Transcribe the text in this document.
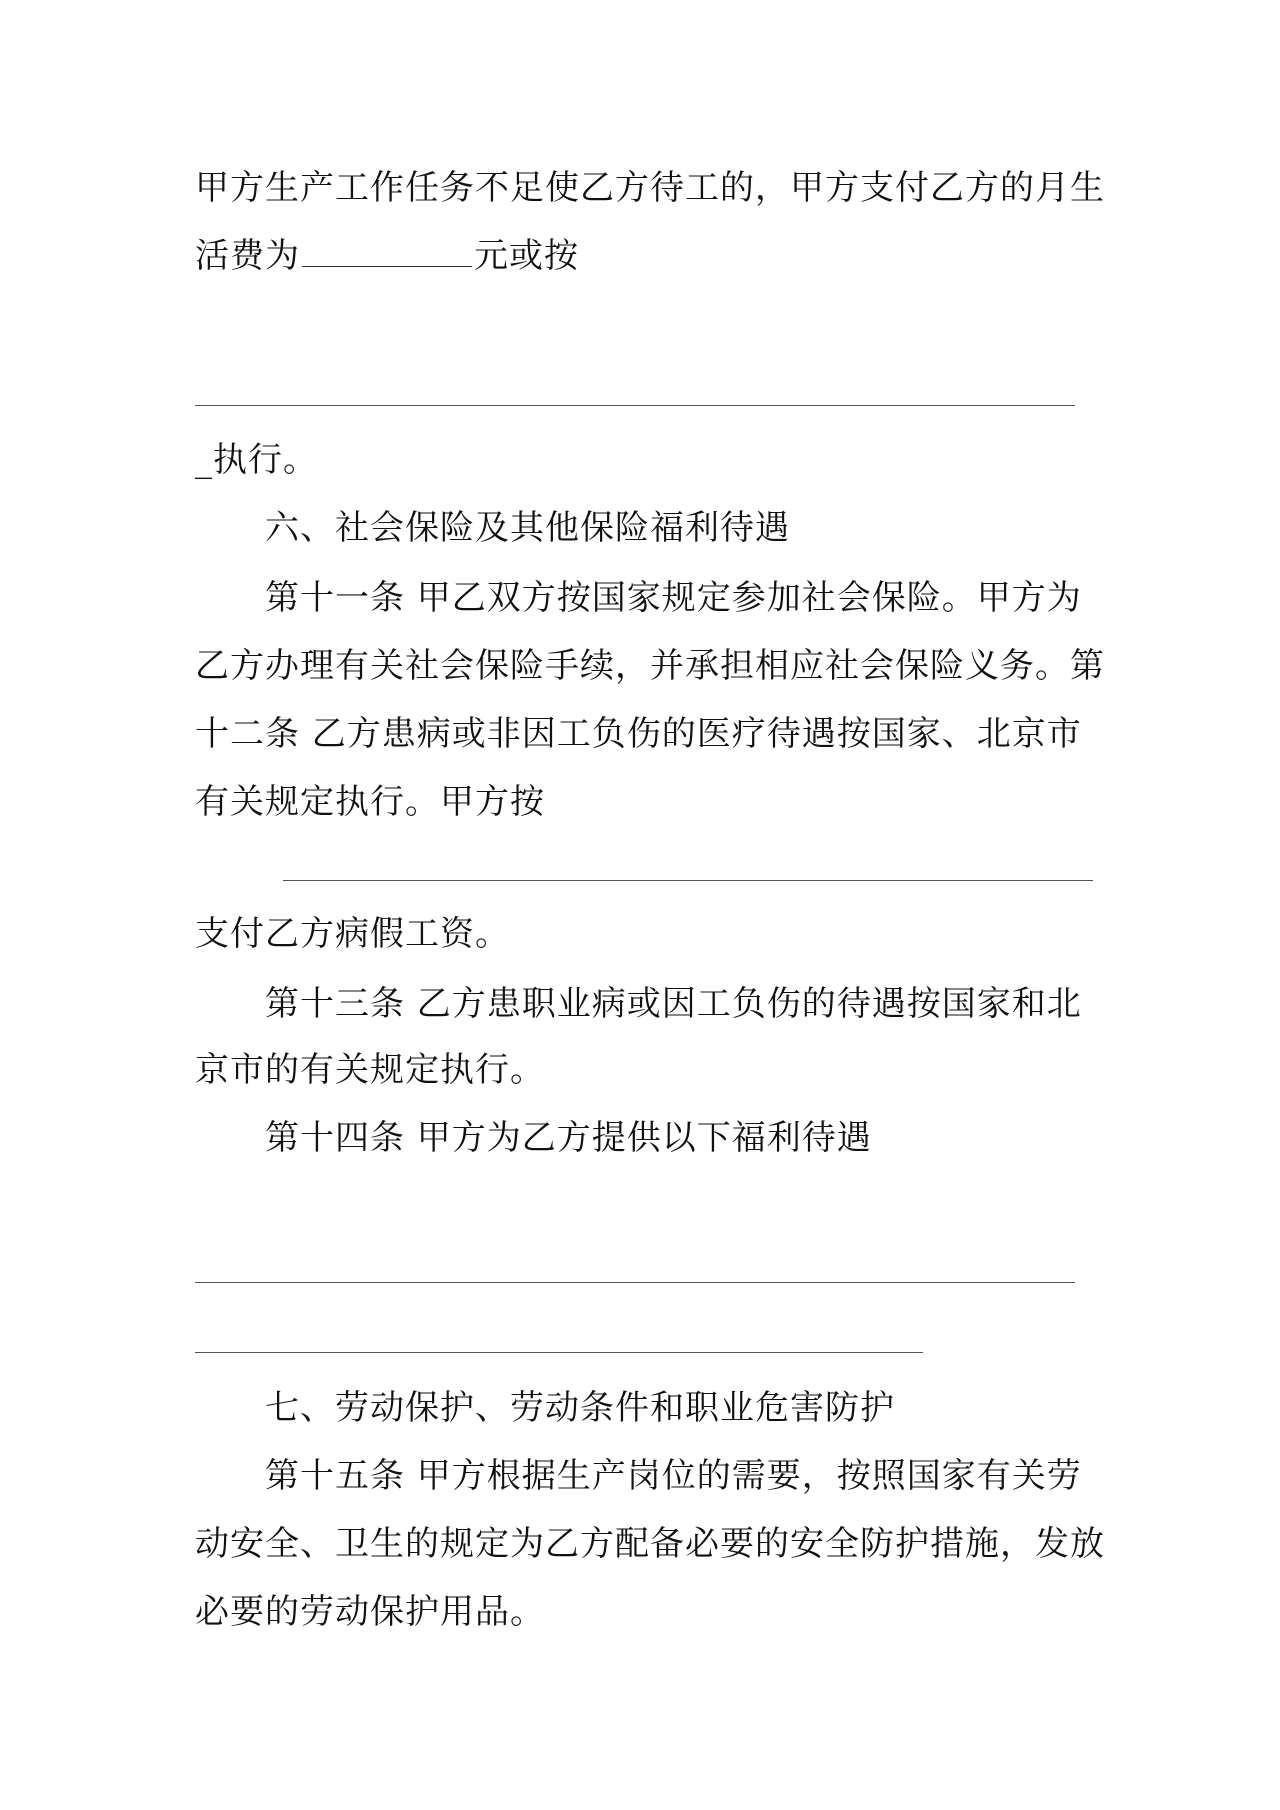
甲方生产工作任务不足使乙方待工的，甲方支付乙方的月生
活费为	元或按
_执行。
六、社会保险及其他保险福利待遇
第十一条 甲乙双方按国家规定参加社会保险。甲方为
乙方办理有关社会保险手续，并承担相应社会保险义务。第
十二条 乙方患病或非因工负伤的医疗待遇按国家、北京市
有关规定执行。甲方按
支付乙方病假工资。
第十三条 乙方患职业病或因工负伤的待遇按国家和北
京市的有关规定执行。
第十四条 甲方为乙方提供以下福利待遇
七、劳动保护、劳动条件和职业危害防护
第十五条 甲方根据生产岗位的需要，按照国家有关劳
动安全、卫生的规定为乙方配备必要的安全防护措施，发放
必要的劳动保护用品。
